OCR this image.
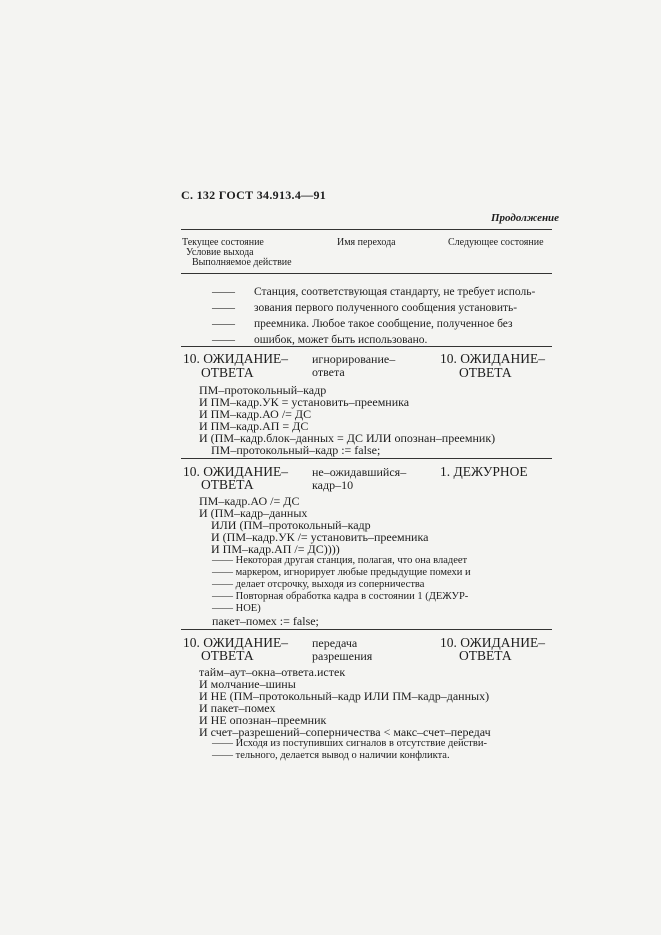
С. 132 ГОСТ 34.913.4—91
Продолжение
Текущее состояние
Условие выхода
Выполняемое действие
Имя перехода	Следующее состояние
—— Станция, соответствующая стандарту, не требует исполь-
—— зования первого полученного сообщения установить-
—— преемника. Любое такое сообщение, полученное без
—— ошибок, может быть использовано.
10. ОЖИДАНИЕ–
ОТВЕТА
игнорирование–
ответа
10. ОЖИДАНИЕ–
ОТВЕТА
ПМ–протокольный–кадр
И ПМ–кадр.УК = установить–преемника
И ПМ–кадр.АО /= ДС
И ПМ–кадр.АП = ДС
И (ПМ–кадр.блок–данных = ДС ИЛИ опознан–преемник)
ПМ–протокольный–кадр := false;
10. ОЖИДАНИЕ–
ОТВЕТА
не–ожидавшийся–
кадр–10
1. ДЕЖУРНОЕ
ПМ–кадр.АО /= ДС
И (ПМ–кадр–данных
ИЛИ (ПМ–протокольный–кадр
И (ПМ–кадр.УК /= установить–преемника
И ПМ–кадр.АП /= ДС))))
—— Некоторая другая станция, полагая, что она владеет
—— маркером, игнорирует любые предыдущие помехи и
—— делает отсрочку, выходя из соперничества
—— Повторная обработка кадра в состоянии 1 (ДЕЖУР-
—— НОЕ)
пакет–помех := false;
10. ОЖИДАНИЕ–
ОТВЕТА
передача
разрешения
10. ОЖИДАНИЕ–
ОТВЕТА
тайм–аут–окна–ответа.истек
И молчание–шины
И НЕ (ПМ–протокольный–кадр ИЛИ ПМ–кадр–данных)
И пакет–помех
И НЕ опознан–преемник
И счет–разрешений–соперничества < макс–счет–передач
—— Исходя из поступивших сигналов в отсутствие действи-
—— тельного, делается вывод о наличии конфликта.
